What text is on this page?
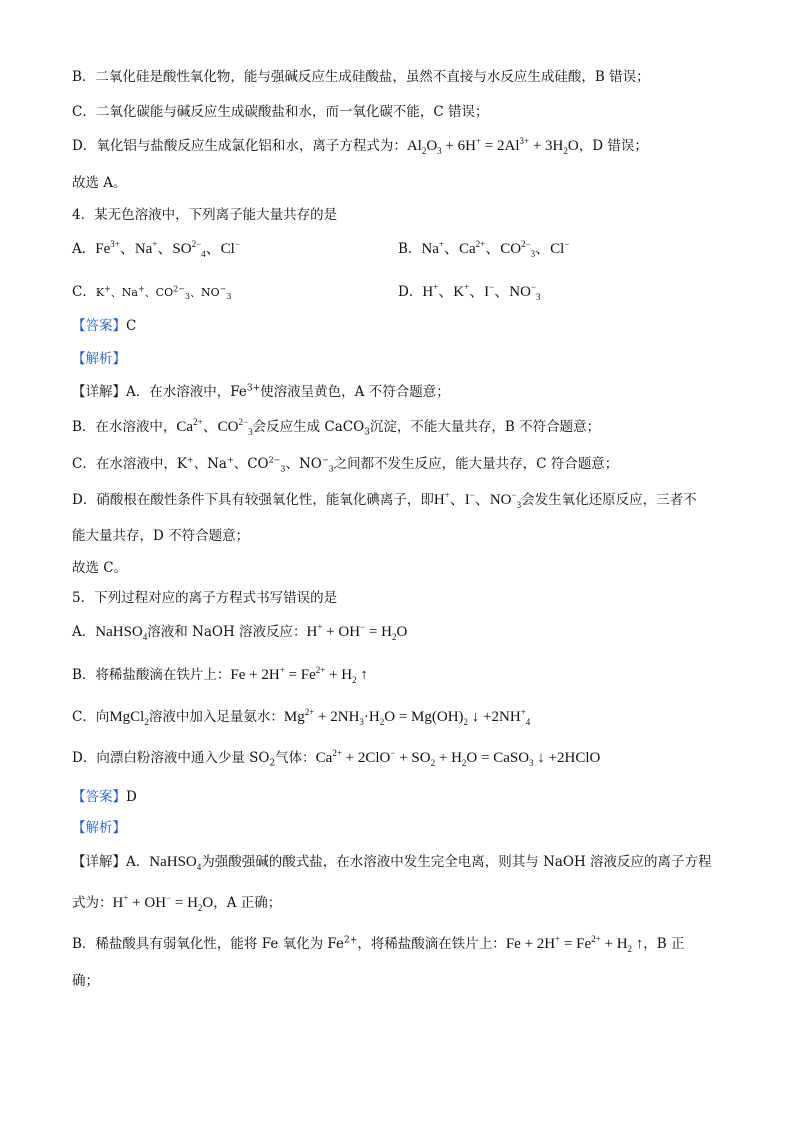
B．二氧化硅是酸性氧化物，能与强碱反应生成硅酸盐，虽然不直接与水反应生成硅酸，B 错误；
C．二氧化碳能与碱反应生成碳酸盐和水，而一氧化碳不能，C 错误；
D．氧化铝与盐酸反应生成氯化铝和水，离子方程式为：$Al_2O_3 + 6H^+ = 2Al^{3+} + 3H_2O$，D 错误；
故选 A。
4．某无色溶液中，下列离子能大量共存的是
A．$Fe^{3+}$、Na+、$SO^{2-}_4$、Cl−	B．Na+、$Ca^{2+}$、$CO^{2-}_3$、Cl−
C．K+、Na+、$CO^{2-}_3$、$NO^-_3$	D．H+、K+、I−、$NO^-_3$
【答案】C
【解析】
【详解】A．在水溶液中，$Fe^{3+}$使溶液呈黄色，A 不符合题意；
B．在水溶液中，$Ca^{2+}$、$CO^{2-}_3$会反应生成 CaCO$_3$沉淀，不能大量共存，B 不符合题意；
C．在水溶液中，K+、Na+、$CO^{2-}_3$、$NO^-_3$之间都不发生反应，能大量共存，C 符合题意；
D．硝酸根在酸性条件下具有较强氧化性，能氧化碘离子，即H+、I−、$NO^-_3$会发生氧化还原反应，三者不
能大量共存，D 不符合题意；
故选 C。
5．下列过程对应的离子方程式书写错误的是
A．NaHSO$_4$溶液和 NaOH 溶液反应：$H^+ + OH^- = H_2O$
B．将稀盐酸滴在铁片上：$Fe + 2H^+ = Fe^{2+} + H_2$ ↑
C．向MgCl$_2$溶液中加入足量氨水：$Mg^{2+} + 2NH_3\cdot H_2O = Mg(OH)_2$ ↓ $+2NH^+_4$
D．向漂白粉溶液中通入少量 $SO_2$气体：$Ca^{2+} + 2ClO^- + SO_2 + H_2O$ = CaSO$_3$ ↓ +2HClO
【答案】D
【解析】
【详解】A．NaHSO$_4$为强酸强碱的酸式盐，在水溶液中发生完全电离，则其与 NaOH 溶液反应的离子方程
式为：$H^+ + OH^- = H_2O$，A 正确；
B．稀盐酸具有弱氧化性，能将 Fe 氧化为 $Fe^{2+}$，将稀盐酸滴在铁片上：$Fe + 2H^+ = Fe^{2+} + H_2$ ↑，B 正
确；
